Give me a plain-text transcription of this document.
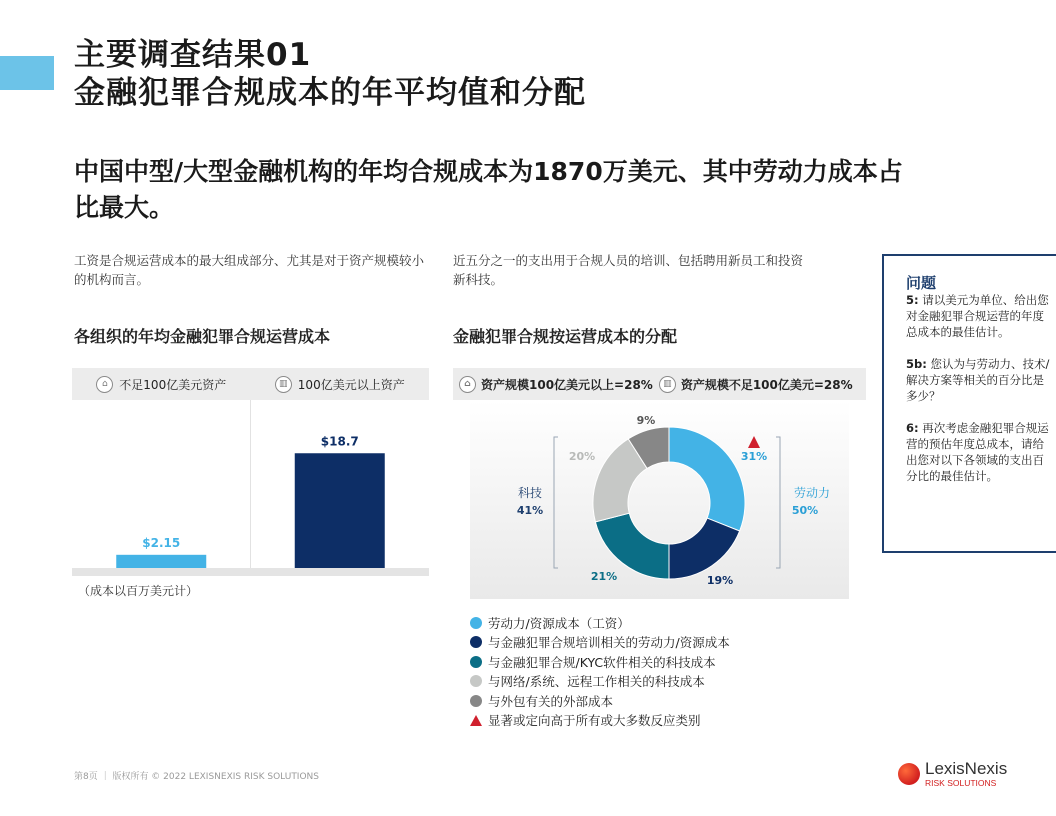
主要调查结果01
金融犯罪合规成本的年平均值和分配
中国中型/大型金融机构的年均合规成本为1870万美元、其中劳动力成本占比最大。
工资是合规运营成本的最大组成部分、尤其是对于资产规模较小的机构而言。
各组织的年均金融犯罪合规运营成本
⌂ 不足100亿美元资产	▥ 100亿美元以上资产
$2.15
$18.7
（成本以百万美元计）
近五分之一的支出用于合规人员的培训、包括聘用新员工和投资新科技。
金融犯罪合规按运营成本的分配
⌂ 资产规模100亿美元以上=28%	▥ 资产规模不足100亿美元=28%
科技
41%
劳动力
50%
31%
19%
21%
20%
9%
劳动力/资源成本（工资）
与金融犯罪合规培训相关的劳动力/资源成本
与金融犯罪合规/KYC软件相关的科技成本
与网络/系统、远程工作相关的科技成本
与外包有关的外部成本
显著或定向高于所有或大多数反应类别
问题
5: 请以美元为单位、给出您对金融犯罪合规运营的年度总成本的最佳估计。
5b: 您认为与劳动力、技术/解决方案等相关的百分比是多少？
6: 再次考虑金融犯罪合规运营的预估年度总成本，请给出您对以下各领域的支出百分比的最佳估计。
第8页 ｜ 版权所有 © 2022 LEXISNEXIS RISK SOLUTIONS	LexisNexis
RISK SOLUTIONS
